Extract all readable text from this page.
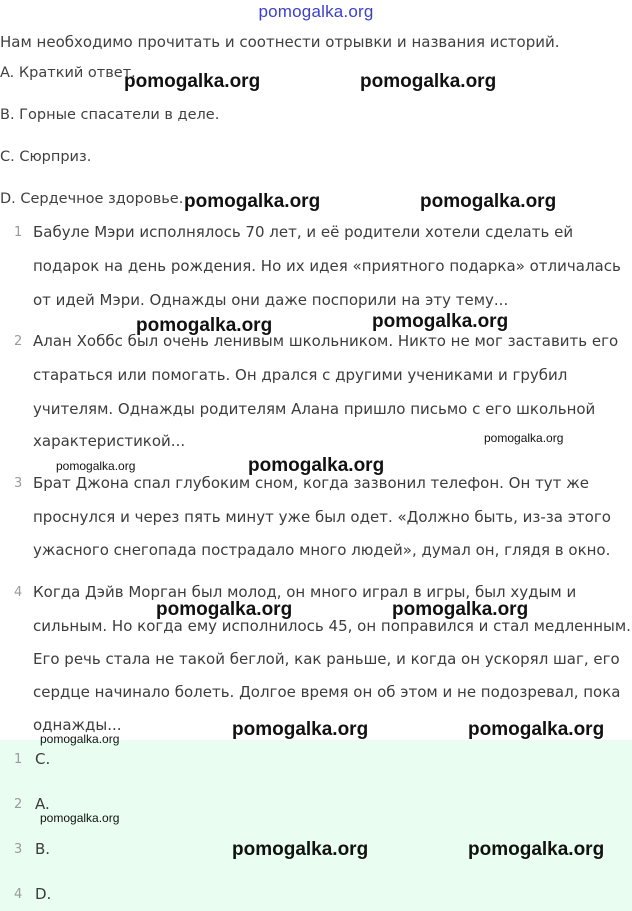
pomogalka.org
Нам необходимо прочитать и соотнести отрывки и названия историй.
A. Краткий ответ.
B. Горные спасатели в деле.
C. Сюрприз.
D. Сердечное здоровье.
1 Бабуле Мэри исполнялось 70 лет, и её родители хотели сделать ей
подарок на день рождения. Но их идея «приятного подарка» отличалась
от идей Мэри. Однажды они даже поспорили на эту тему...
2 Алан Хоббс был очень ленивым школьником. Никто не мог заставить его
стараться или помогать. Он дрался с другими учениками и грубил
учителям. Однажды родителям Алана пришло письмо с его школьной
характеристикой...
3 Брат Джона спал глубоким сном, когда зазвонил телефон. Он тут же
проснулся и через пять минут уже был одет. «Должно быть, из-за этого
ужасного снегопада пострадало много людей», думал он, глядя в окно.
4 Когда Дэйв Морган был молод, он много играл в игры, был худым и
сильным. Но когда ему исполнилось 45, он поправился и стал медленным.
Его речь стала не такой беглой, как раньше, и когда он ускорял шаг, его
сердце начинало болеть. Долгое время он об этом и не подозревал, пока
однажды...
1 C.
2 A.
3 B.
4 D.
pomogalka.org	pomogalka.org
pomogalka.org	pomogalka.org
pomogalka.org	pomogalka.org
pomogalka.org
pomogalka.org	pomogalka.org
pomogalka.org	pomogalka.org
pomogalka.org	pomogalka.org
pomogalka.org
pomogalka.org
pomogalka.org	pomogalka.org
